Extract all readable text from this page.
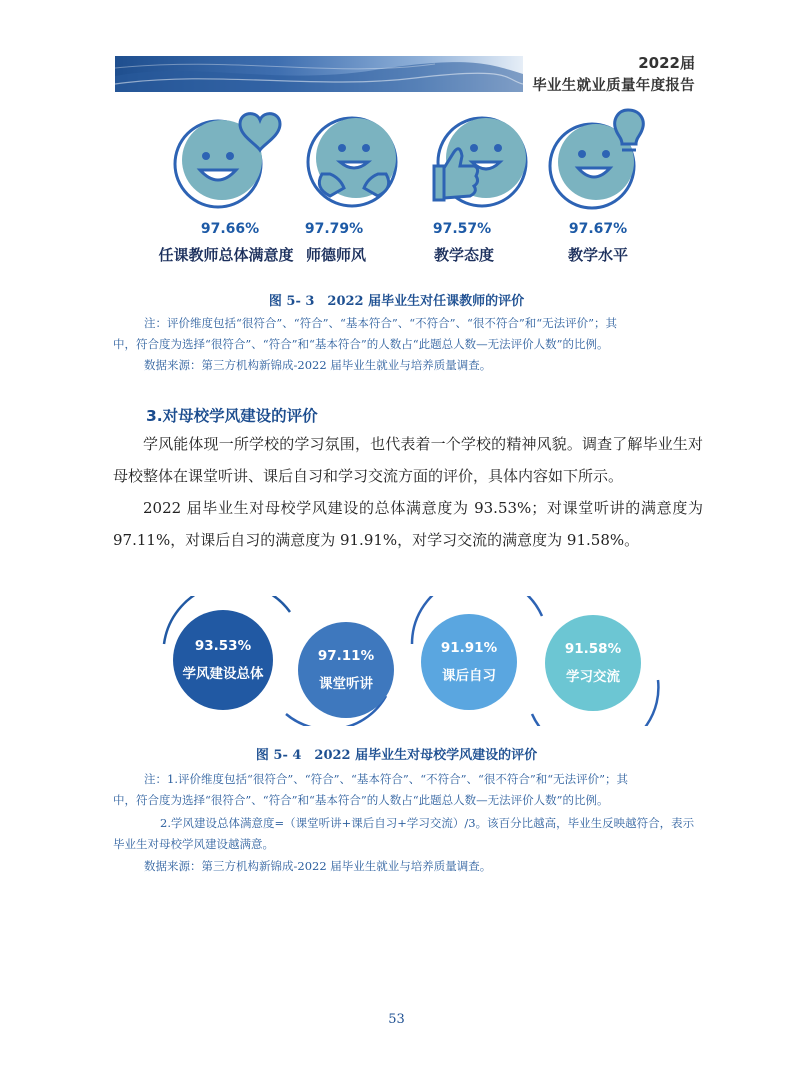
2022届
毕业生就业质量年度报告
97.66%	97.79%	97.57%	97.67%
任课教师总体满意度 师德师风	教学态度	教学水平
图 5- 3　2022 届毕业生对任课教师的评价
注：评价维度包括“很符合”、“符合”、“基本符合”、“不符合”、“很不符合”和“无法评价”；其
中，符合度为选择“很符合”、“符合”和“基本符合”的人数占“此题总人数—无法评价人数”的比例。
数据来源：第三方机构新锦成-2022 届毕业生就业与培养质量调查。
3.对母校学风建设的评价
学风能体现一所学校的学习氛围，也代表着一个学校的精神风貌。调查了解毕业生对母校整体在课堂听讲、课后自习和学习交流方面的评价，具体内容如下所示。
2022 届毕业生对母校学风建设的总体满意度为 93.53%；对课堂听讲的满意度为 97.11%，对课后自习的满意度为 91.91%，对学习交流的满意度为 91.58%。
93.53%
学风建设总体
97.11%
课堂听讲
91.91%
课后自习
91.58%
学习交流
图 5- 4　2022 届毕业生对母校学风建设的评价
注：1.评价维度包括“很符合”、“符合”、“基本符合”、“不符合”、“很不符合”和“无法评价”；其
中，符合度为选择“很符合”、“符合”和“基本符合”的人数占“此题总人数—无法评价人数”的比例。
2.学风建设总体满意度=（课堂听讲+课后自习+学习交流）/3。该百分比越高，毕业生反映越符合，表示
毕业生对母校学风建设越满意。
数据来源：第三方机构新锦成-2022 届毕业生就业与培养质量调查。
53
